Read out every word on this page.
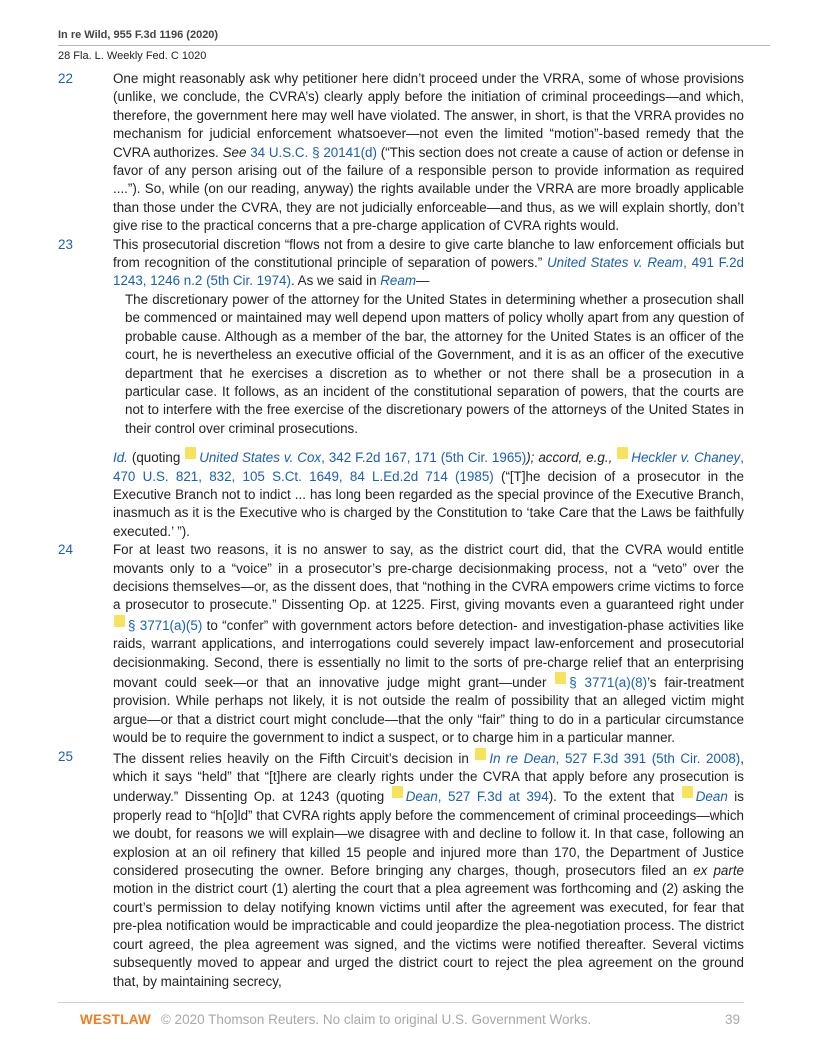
In re Wild, 955 F.3d 1196 (2020)
28 Fla. L. Weekly Fed. C 1020
22	One might reasonably ask why petitioner here didn’t proceed under the VRRA, some of whose provisions (unlike, we conclude, the CVRA’s) clearly apply before the initiation of criminal proceedings—and which, therefore, the government here may well have violated. The answer, in short, is that the VRRA provides no mechanism for judicial enforcement whatsoever—not even the limited “motion”-based remedy that the CVRA authorizes. See 34 U.S.C. § 20141(d) (“This section does not create a cause of action or defense in favor of any person arising out of the failure of a responsible person to provide information as required ....”). So, while (on our reading, anyway) the rights available under the VRRA are more broadly applicable than those under the CVRA, they are not judicially enforceable—and thus, as we will explain shortly, don’t give rise to the practical concerns that a pre-charge application of CVRA rights would.
23	This prosecutorial discretion “flows not from a desire to give carte blanche to law enforcement officials but from recognition of the constitutional principle of separation of powers.” United States v. Ream, 491 F.2d 1243, 1246 n.2 (5th Cir. 1974). As we said in Ream—
The discretionary power of the attorney for the United States in determining whether a prosecution shall be commenced or maintained may well depend upon matters of policy wholly apart from any question of probable cause. Although as a member of the bar, the attorney for the United States is an officer of the court, he is nevertheless an executive official of the Government, and it is as an officer of the executive department that he exercises a discretion as to whether or not there shall be a prosecution in a particular case. It follows, as an incident of the constitutional separation of powers, that the courts are not to interfere with the free exercise of the discretionary powers of the attorneys of the United States in their control over criminal prosecutions.
Id. (quoting United States v. Cox, 342 F.2d 167, 171 (5th Cir. 1965)); accord, e.g., Heckler v. Chaney, 470 U.S. 821, 832, 105 S.Ct. 1649, 84 L.Ed.2d 714 (1985) (“[T]he decision of a prosecutor in the Executive Branch not to indict ... has long been regarded as the special province of the Executive Branch, inasmuch as it is the Executive who is charged by the Constitution to ‘take Care that the Laws be faithfully executed.’ ”).
24	For at least two reasons, it is no answer to say, as the district court did, that the CVRA would entitle movants only to a “voice” in a prosecutor’s pre-charge decisionmaking process, not a “veto” over the decisions themselves—or, as the dissent does, that “nothing in the CVRA empowers crime victims to force a prosecutor to prosecute.” Dissenting Op. at 1225. First, giving movants even a guaranteed right under § 3771(a)(5) to “confer” with government actors before detection- and investigation-phase activities like raids, warrant applications, and interrogations could severely impact law-enforcement and prosecutorial decisionmaking. Second, there is essentially no limit to the sorts of pre-charge relief that an enterprising movant could seek—or that an innovative judge might grant—under § 3771(a)(8)’s fair-treatment provision. While perhaps not likely, it is not outside the realm of possibility that an alleged victim might argue—or that a district court might conclude—that the only “fair” thing to do in a particular circumstance would be to require the government to indict a suspect, or to charge him in a particular manner.
25	The dissent relies heavily on the Fifth Circuit’s decision in In re Dean, 527 F.3d 391 (5th Cir. 2008), which it says “held” that “[t]here are clearly rights under the CVRA that apply before any prosecution is underway.” Dissenting Op. at 1243 (quoting Dean, 527 F.3d at 394). To the extent that Dean is properly read to “h[o]ld” that CVRA rights apply before the commencement of criminal proceedings—which we doubt, for reasons we will explain—we disagree with and decline to follow it. In that case, following an explosion at an oil refinery that killed 15 people and injured more than 170, the Department of Justice considered prosecuting the owner. Before bringing any charges, though, prosecutors filed an ex parte motion in the district court (1) alerting the court that a plea agreement was forthcoming and (2) asking the court’s permission to delay notifying known victims until after the agreement was executed, for fear that pre-plea notification would be impracticable and could jeopardize the plea-negotiation process. The district court agreed, the plea agreement was signed, and the victims were notified thereafter. Several victims subsequently moved to appear and urged the district court to reject the plea agreement on the ground that, by maintaining secrecy,
WESTLAW © 2020 Thomson Reuters. No claim to original U.S. Government Works.	39
